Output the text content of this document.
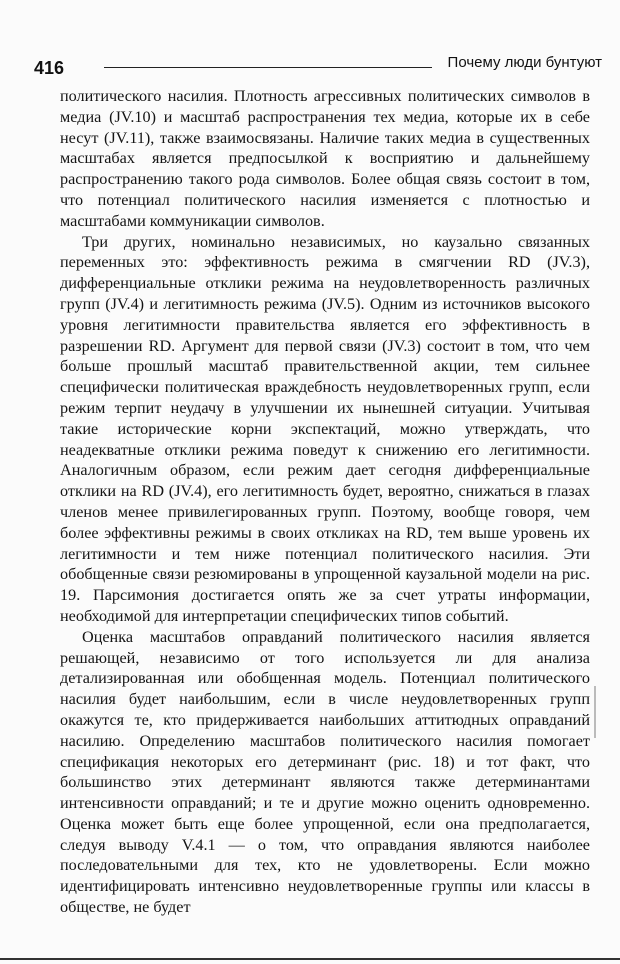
416	Почему люди бунтуют

политического насилия. Плотность агрессивных политических символов в медиа (JV.10) и масштаб распространения тех медиа, которые их в себе несут (JV.11), также взаимосвязаны. Наличие таких медиа в существенных масштабах является предпосылкой к восприятию и дальнейшему распространению такого рода символов. Более общая связь состоит в том, что потенциал политического насилия изменяется с плотностью и масштабами коммуникации символов.

Три других, номинально независимых, но каузально связанных переменных это: эффективность режима в смягчении RD (JV.3), дифференциальные отклики режима на неудовлетворенность различных групп (JV.4) и легитимность режима (JV.5). Одним из источников высокого уровня легитимности правительства является его эффективность в разрешении RD. Аргумент для первой связи (JV.3) состоит в том, что чем больше прошлый масштаб правительственной акции, тем сильнее специфически политическая враждебность неудовлетворенных групп, если режим терпит неудачу в улучшении их нынешней ситуации. Учитывая такие исторические корни экспектаций, можно утверждать, что неадекватные отклики режима поведут к снижению его легитимности. Аналогичным образом, если режим дает сегодня дифференциальные отклики на RD (JV.4), его легитимность будет, вероятно, снижаться в глазах членов менее привилегированных групп. Поэтому, вообще говоря, чем более эффективны режимы в своих откликах на RD, тем выше уровень их легитимности и тем ниже потенциал политического насилия. Эти обобщенные связи резюмированы в упрощенной каузальной модели на рис. 19. Парсимония достигается опять же за счет утраты информации, необходимой для интерпретации специфических типов событий.

Оценка масштабов оправданий политического насилия является решающей, независимо от того используется ли для анализа детализированная или обобщенная модель. Потенциал политического насилия будет наибольшим, если в числе неудовлетворенных групп окажутся те, кто придерживается наибольших аттитюдных оправданий насилию. Определению масштабов политического насилия помогает спецификация некоторых его детерминант (рис. 18) и тот факт, что большинство этих детерминант являются также детерминантами интенсивности оправданий; и те и другие можно оценить одновременно. Оценка может быть еще более упрощенной, если она предполагается, следуя выводу V.4.1 — о том, что оправдания являются наиболее последовательными для тех, кто не удовлетворены. Если можно идентифицировать интенсивно неудовлетворенные группы или классы в обществе, не будет
